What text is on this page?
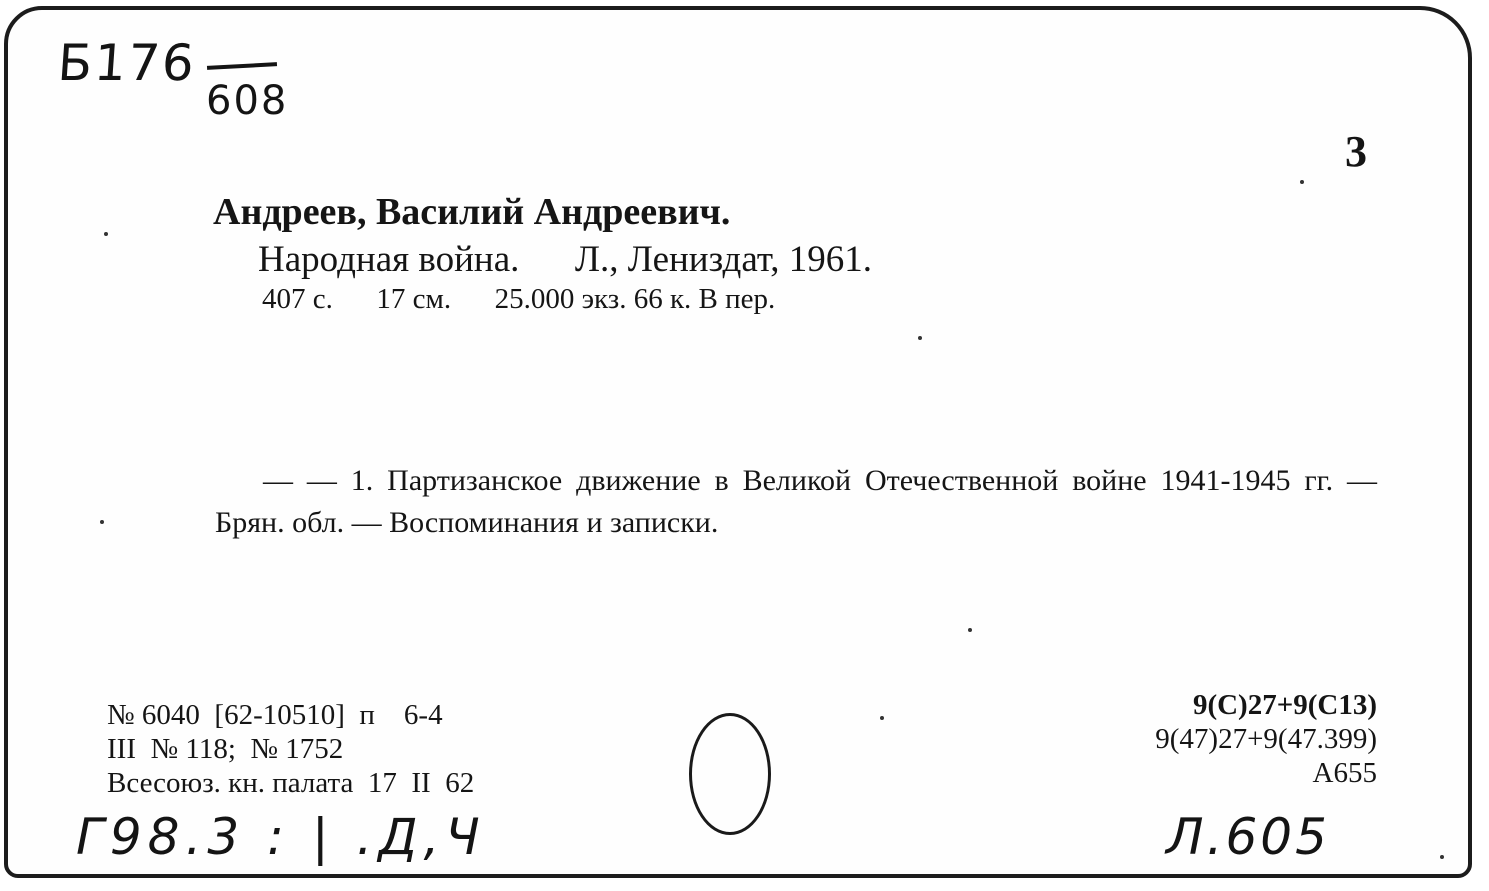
Б176
608
3
Андреев, Василий Андреевич.
Народная война.      Л., Лениздат, 1961.
407 с.      17 см.      25.000 экз. 66 к. В пер.
— — 1. Партизанское движение в Великой Отечественной войне 1941-1945 гг. — Брян. обл. — Воспоминания и записки.
№ 6040  [62-10510]  п    6-4
III  № 118;  № 1752
Всесоюз. кн. палата  17  II  62
9(С)27+9(С13)
9(47)27+9(47.399)
А655
Г98.3 : | .Д,Ч	Л.605
